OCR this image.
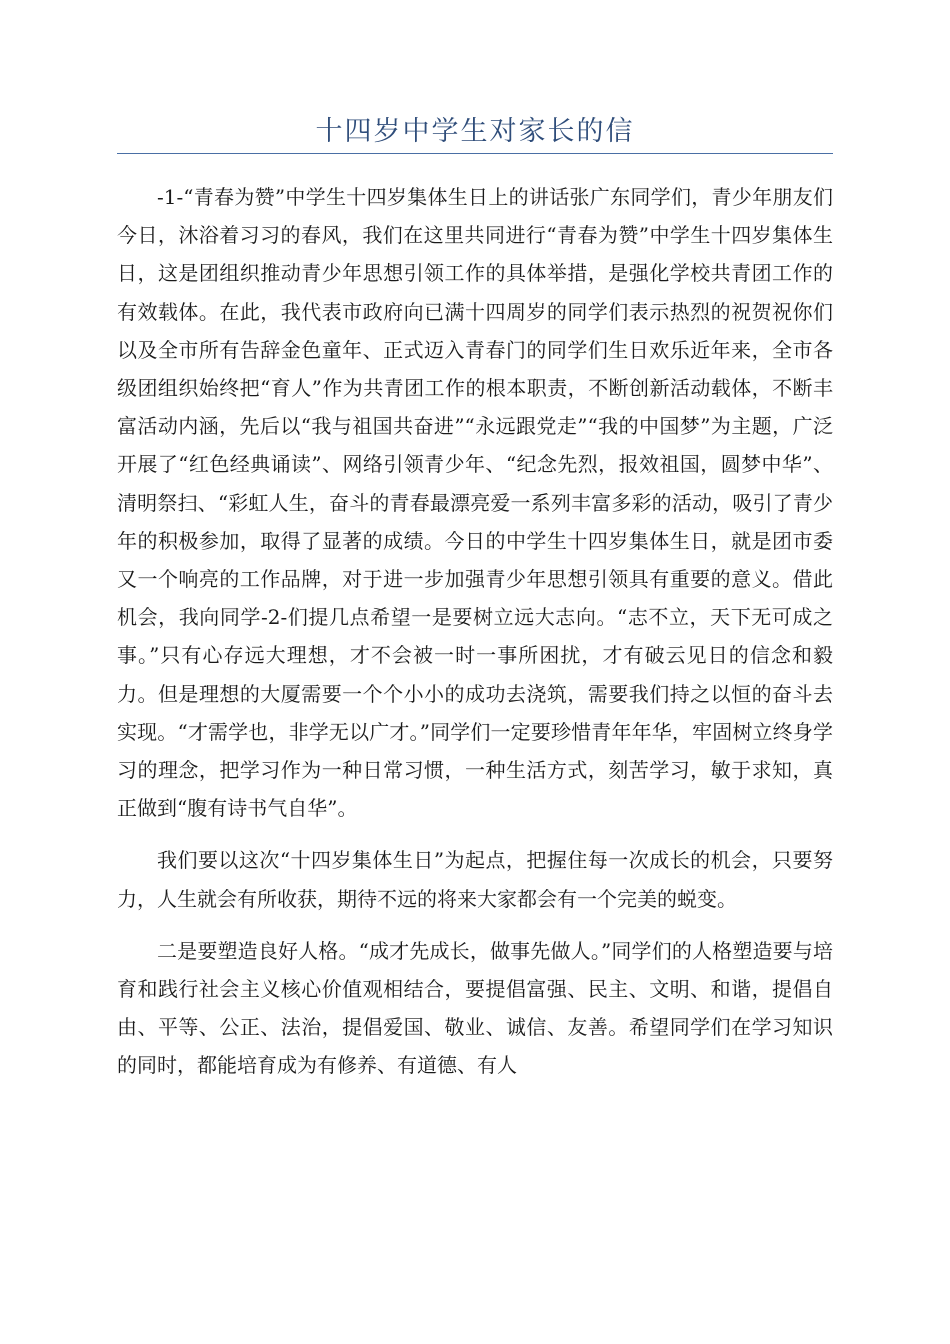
十四岁中学生对家长的信

-1-“青春为赞”中学生十四岁集体生日上的讲话张广东同学们，青少年朋友们今日，沐浴着习习的春风，我们在这里共同进行“青春为赞”中学生十四岁集体生日，这是团组织推动青少年思想引领工作的具体举措，是强化学校共青团工作的有效载体。在此，我代表市政府向已满十四周岁的同学们表示热烈的祝贺祝你们以及全市所有告辞金色童年、正式迈入青春门的同学们生日欢乐近年来，全市各级团组织始终把“育人”作为共青团工作的根本职责，不断创新活动载体，不断丰富活动内涵，先后以“我与祖国共奋进”“永远跟党走”“我的中国梦”为主题，广泛开展了“红色经典诵读”、网络引领青少年、“纪念先烈，报效祖国，圆梦中华”、清明祭扫、“彩虹人生，奋斗的青春最漂亮爱一系列丰富多彩的活动，吸引了青少年的积极参加，取得了显著的成绩。今日的中学生十四岁集体生日，就是团市委又一个响亮的工作品牌，对于进一步加强青少年思想引领具有重要的意义。借此机会，我向同学-2-们提几点希望一是要树立远大志向。“志不立，天下无可成之事。”只有心存远大理想，才不会被一时一事所困扰，才有破云见日的信念和毅力。但是理想的大厦需要一个个小小的成功去浇筑，需要我们持之以恒的奋斗去实现。“才需学也，非学无以广才。”同学们一定要珍惜青年年华，牢固树立终身学习的理念，把学习作为一种日常习惯，一种生活方式，刻苦学习，敏于求知，真正做到“腹有诗书气自华”。

我们要以这次“十四岁集体生日”为起点，把握住每一次成长的机会，只要努力，人生就会有所收获，期待不远的将来大家都会有一个完美的蜕变。

二是要塑造良好人格。“成才先成长，做事先做人。”同学们的人格塑造要与培育和践行社会主义核心价值观相结合，要提倡富强、民主、文明、和谐，提倡自由、平等、公正、法治，提倡爱国、敬业、诚信、友善。希望同学们在学习知识的同时，都能培育成为有修养、有道德、有人
